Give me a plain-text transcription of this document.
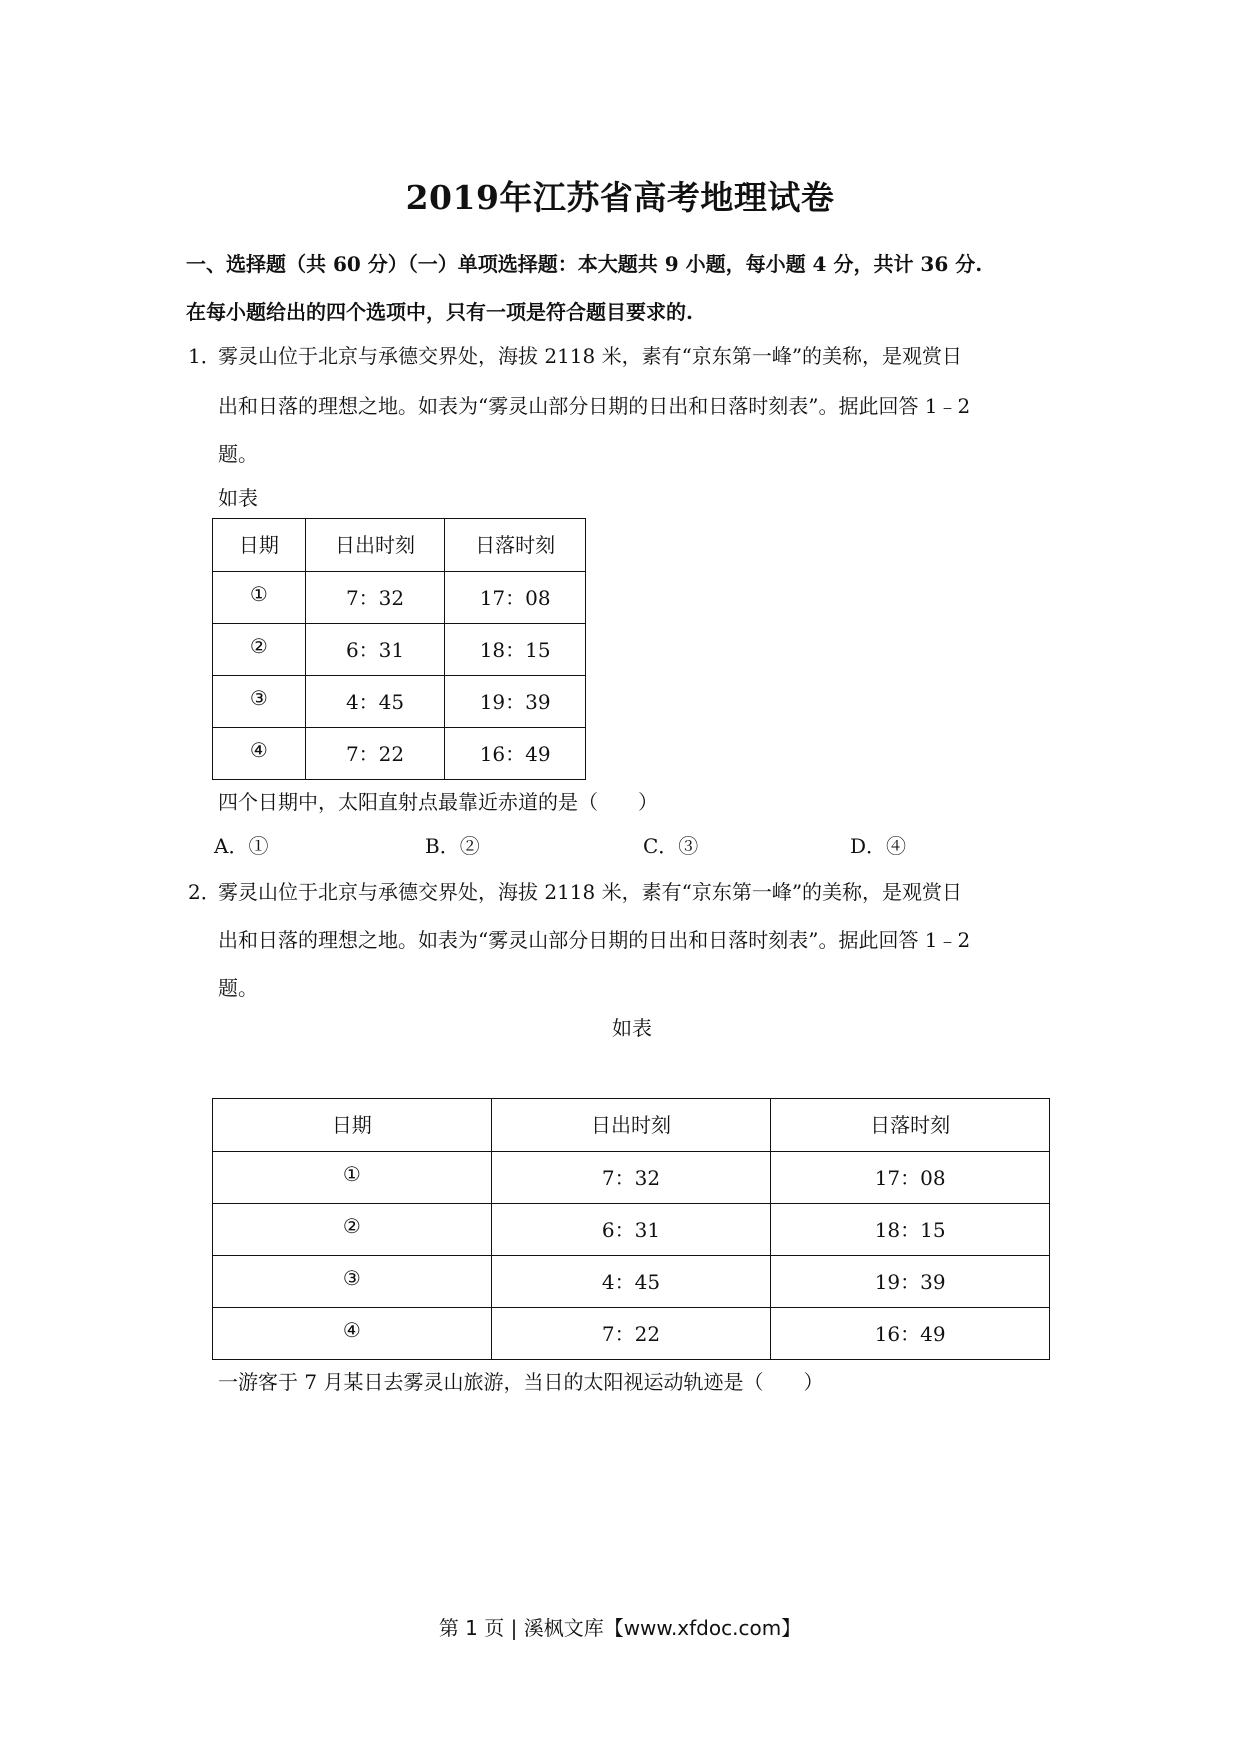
2019年江苏省高考地理试卷
一、选择题（共 60 分）（一）单项选择题：本大题共 9 小题，每小题 4 分，共计 36 分.
在每小题给出的四个选项中，只有一项是符合题目要求的.
1．
雾灵山位于北京与承德交界处，海拔 2118 米，素有“京东第一峰”的美称，是观赏日
出和日落的理想之地。如表为“雾灵山部分日期的日出和日落时刻表”。据此回答 1﹣2
题。
如表
日期	日出时刻	日落时刻
①	7：32	17：08
②	6：31	18：15
③	4：45	19：39
④	7：22	16：49
四个日期中，太阳直射点最靠近赤道的是（　　）
A．①	B．②	C．③	D．④
2．
雾灵山位于北京与承德交界处，海拔 2118 米，素有“京东第一峰”的美称，是观赏日
出和日落的理想之地。如表为“雾灵山部分日期的日出和日落时刻表”。据此回答 1﹣2
题。
如表
日期	日出时刻	日落时刻
①	7：32	17：08
②	6：31	18：15
③	4：45	19：39
④	7：22	16：49
一游客于 7 月某日去雾灵山旅游，当日的太阳视运动轨迹是（　　）
第 1 页 | 溪枫文库【www.xfdoc.com】
